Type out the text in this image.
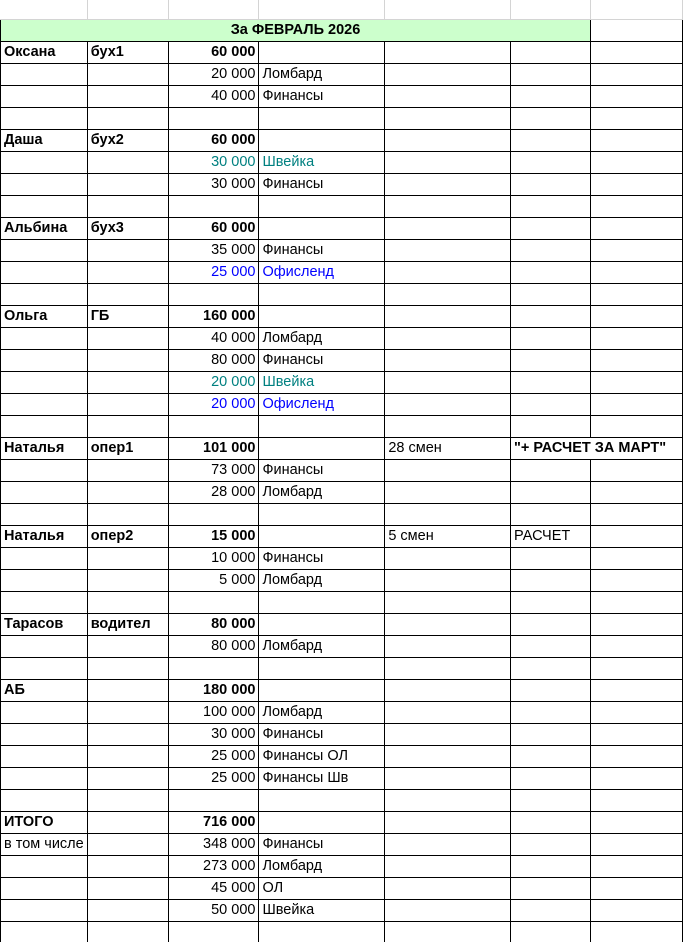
За ФЕВРАЛЬ 2026						
Оксана	бух1	60 000				
		20 000	Ломбард			
		40 000	Финансы			

Даша	бух2	60 000				
		30 000	Швейка			
		30 000	Финансы			

Альбина	бух3	60 000				
		35 000	Финансы			
		25 000	Офисленд			

Ольга	ГБ	160 000				
		40 000	Ломбард			
		80 000	Финансы			
		20 000	Швейка			
		20 000	Офисленд			

Наталья	опер1	101 000		28 смен	"+ РАСЧЕТ ЗА МАРТ"	
		73 000	Финансы			
		28 000	Ломбард			

Наталья	опер2	15 000		5 смен	РАСЧЕТ	
		10 000	Финансы			
		5 000	Ломбард			

Тарасов	водител	80 000				
		80 000	Ломбард			

АБ		180 000				
		100 000	Ломбард			
		30 000	Финансы			
		25 000	Финансы ОЛ			
		25 000	Финансы Шв			

ИТОГО		716 000				
в том числе		348 000	Финансы			
		273 000	Ломбард			
		45 000	ОЛ			
		50 000	Швейка			
